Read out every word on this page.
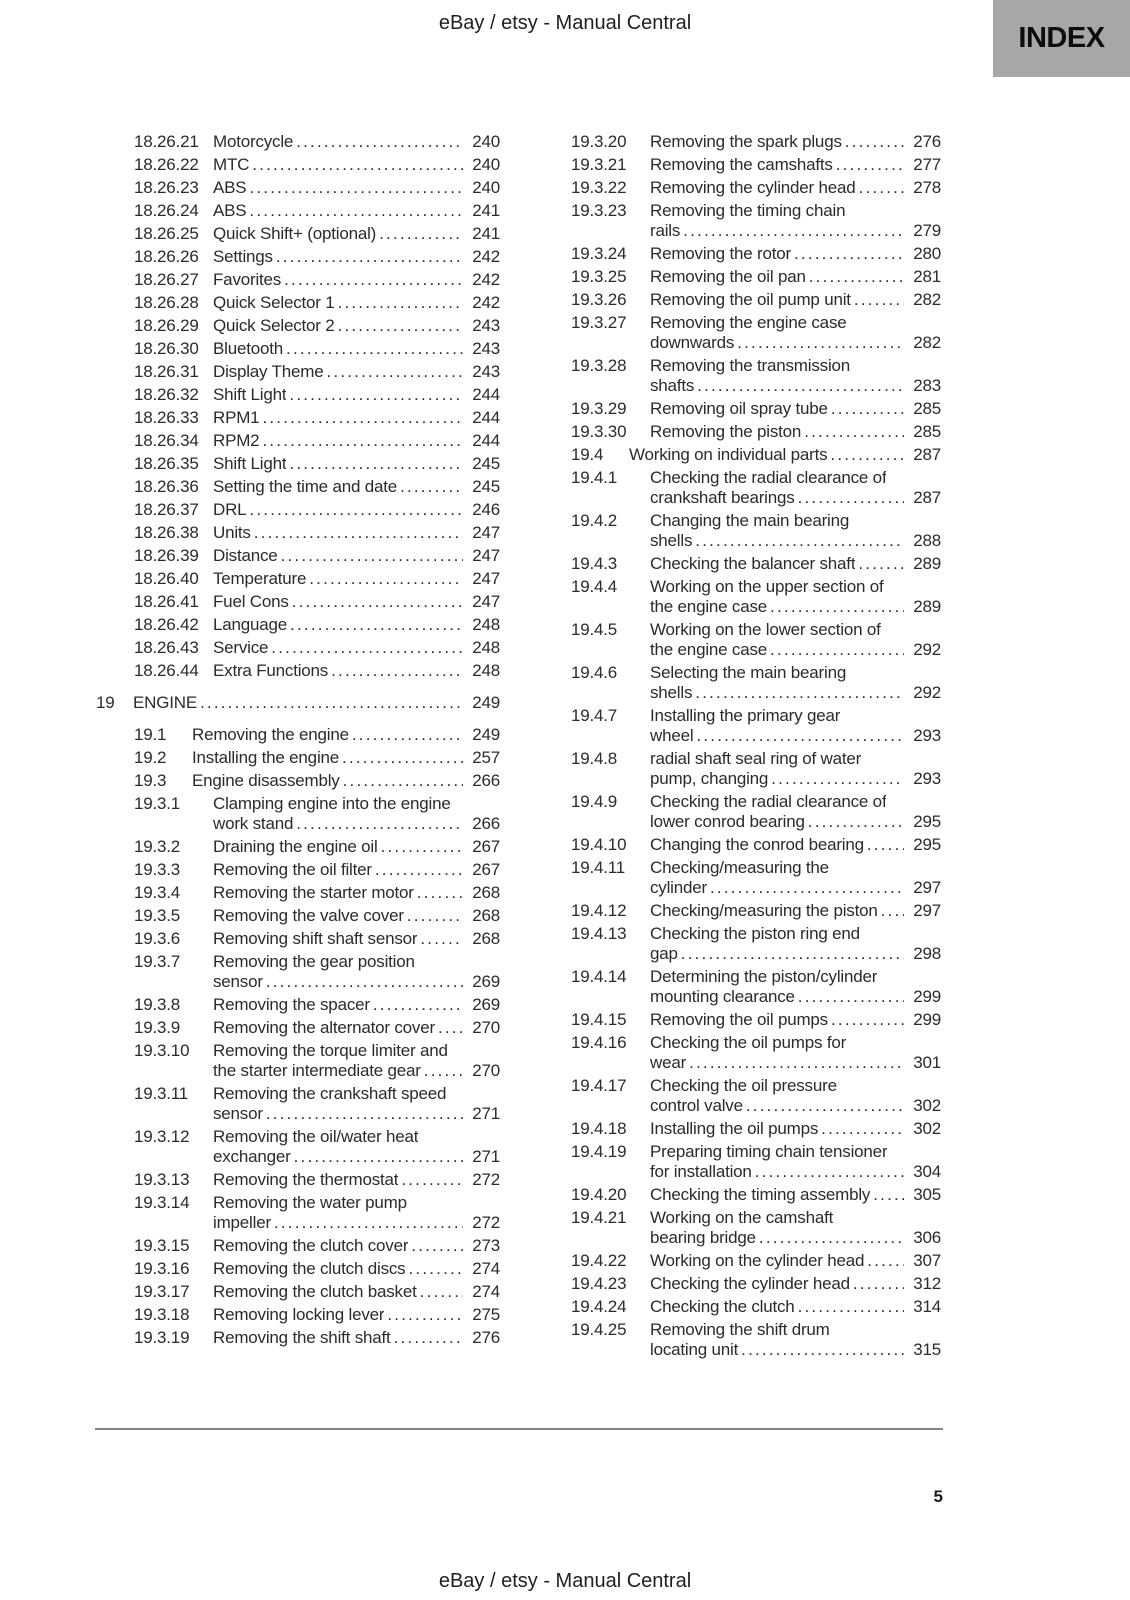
eBay / etsy - Manual Central	INDEX
18.26.21 Motorcycle .....	240
18.26.22 MTC .....	240
18.26.23 ABS .....	240
18.26.24 ABS .....	241
18.26.25 Quick Shift+ (optional) .....	241
18.26.26 Settings .....	242
18.26.27 Favorites .....	242
18.26.28 Quick Selector 1 .....	242
18.26.29 Quick Selector 2 .....	243
18.26.30 Bluetooth .....	243
18.26.31 Display Theme .....	243
18.26.32 Shift Light .....	244
18.26.33 RPM1 .....	244
18.26.34 RPM2 .....	244
18.26.35 Shift Light .....	245
18.26.36 Setting the time and date .....	245
18.26.37 DRL .....	246
18.26.38 Units .....	247
18.26.39 Distance .....	247
18.26.40 Temperature .....	247
18.26.41 Fuel Cons .....	247
18.26.42 Language .....	248
18.26.43 Service .....	248
18.26.44 Extra Functions .....	248
19	ENGINE .....	249
19.1	Removing the engine .....	249
19.2	Installing the engine .....	257
19.3	Engine disassembly .....	266
19.3.1	Clamping engine into the engine
work stand .....	266
19.3.2	Draining the engine oil .....	267
19.3.3	Removing the oil filter .....	267
19.3.4	Removing the starter motor .....	268
19.3.5	Removing the valve cover .....	268
19.3.6	Removing shift shaft sensor .....	268
19.3.7	Removing the gear position
sensor .....	269
19.3.8	Removing the spacer .....	269
19.3.9	Removing the alternator cover ..... 270
19.3.10	Removing the torque limiter and
the starter intermediate gear .....	270
19.3.11	Removing the crankshaft speed
sensor .....	271
19.3.12	Removing the oil/water heat
exchanger .....	271
19.3.13	Removing the thermostat .....	272
19.3.14	Removing the water pump
impeller .....	272
19.3.15	Removing the clutch cover .....	273
19.3.16	Removing the clutch discs .....	274
19.3.17	Removing the clutch basket .....	274
19.3.18	Removing locking lever .....	275
19.3.19	Removing the shift shaft .....	276
19.3.20	Removing the spark plugs .....	276
19.3.21	Removing the camshafts .....	277
19.3.22	Removing the cylinder head .....	278
19.3.23	Removing the timing chain
rails .....	279
19.3.24	Removing the rotor .....	280
19.3.25	Removing the oil pan .....	281
19.3.26	Removing the oil pump unit .....	282
19.3.27	Removing the engine case
downwards .....	282
19.3.28	Removing the transmission
shafts .....	283
19.3.29	Removing oil spray tube .....	285
19.3.30	Removing the piston .....	285
19.4	Working on individual parts .....	287
19.4.1	Checking the radial clearance of
crankshaft bearings .....	287
19.4.2	Changing the main bearing
shells .....	288
19.4.3	Checking the balancer shaft .....	289
19.4.4	Working on the upper section of
the engine case .....	289
19.4.5	Working on the lower section of
the engine case .....	292
19.4.6	Selecting the main bearing
shells .....	292
19.4.7	Installing the primary gear
wheel .....	293
19.4.8	radial shaft seal ring of water
pump, changing .....	293
19.4.9	Checking the radial clearance of
lower conrod bearing .....	295
19.4.10	Changing the conrod bearing .....	295
19.4.11	Checking/measuring the
cylinder .....	297
19.4.12	Checking/measuring the piston ..... 297
19.4.13	Checking the piston ring end
gap .....	298
19.4.14	Determining the piston/cylinder
mounting clearance .....	299
19.4.15	Removing the oil pumps .....	299
19.4.16	Checking the oil pumps for
wear .....	301
19.4.17	Checking the oil pressure
control valve .....	302
19.4.18	Installing the oil pumps .....	302
19.4.19	Preparing timing chain tensioner
for installation .....	304
19.4.20	Checking the timing assembly .....	305
19.4.21	Working on the camshaft
bearing bridge .....	306
19.4.22	Working on the cylinder head .....	307
19.4.23	Checking the cylinder head .....	312
19.4.24	Checking the clutch .....	314
19.4.25	Removing the shift drum
locating unit .....	315
5
eBay / etsy - Manual Central
